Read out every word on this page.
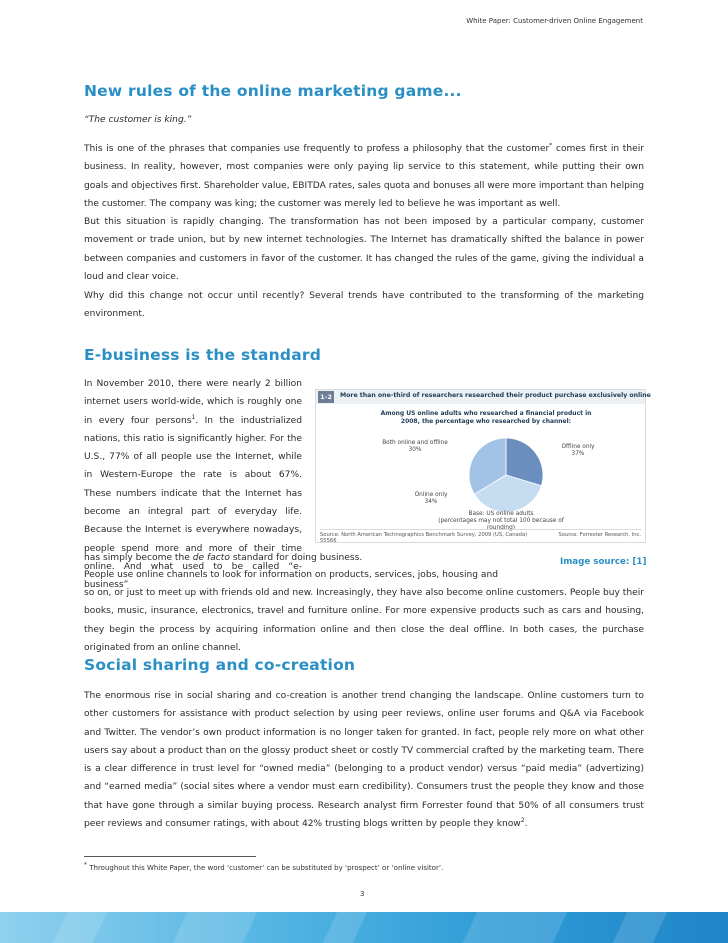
White Paper: Customer-driven Online Engagement
New rules of the online marketing game...

“The customer is king.”

This is one of the phrases that companies use frequently to profess a philosophy that the customer* comes first in their business. In reality, however, most companies were only paying lip service to this statement, while putting their own goals and objectives first. Shareholder value, EBITDA rates, sales quota and bonuses all were more important than helping the customer. The company was king; the customer was merely led to believe he was important as well.

But this situation is rapidly changing. The transformation has not been imposed by a particular company, customer movement or trade union, but by new internet technologies. The Internet has dramatically shifted the balance in power between companies and customers in favor of the customer. It has changed the rules of the game, giving the individual a loud and clear voice.

Why did this change not occur until recently? Several trends have contributed to the transforming of the marketing environment.

E-business is the standard

In November 2010, there were nearly 2 billion internet users world-wide, which is roughly one in every four persons$^1$. In the industrialized nations, this ratio is significantly higher. For the U.S., 77% of all people use the Internet, while in Western-Europe the rate is about 67%. These numbers indicate that the Internet has become an integral part of everyday life. Because the Internet is everywhere nowadays, people spend more and more of their time online. And what used to be called “e-business”

1-2	More than one-third of researchers researched their product purchase exclusively online
Among US online adults who researched a financial product in 2008, the percentage who researched by channel:
Both online and offline
30%	Offline only
37%
Online only
34%
Base: US online adults
(percentages may not total 100 because of rounding)
Source: North American Technographics Benchmark Survey, 2009 (US, Canada)
55566
Source: Forrester Research, Inc.
has simply become the de facto standard for doing business.	Image source: [1]
People use online channels to look for information on products, services, jobs, housing and

so on, or just to meet up with friends old and new. Increasingly, they have also become online customers. People buy their books, music, insurance, electronics, travel and furniture online. For more expensive products such as cars and housing, they begin the process by acquiring information online and then close the deal offline. In both cases, the purchase originated from an online channel.

Social sharing and co-creation

The enormous rise in social sharing and co-creation is another trend changing the landscape. Online customers turn to other customers for assistance with product selection by using peer reviews, online user forums and Q&A via Facebook and Twitter. The vendor’s own product information is no longer taken for granted. In fact, people rely more on what other users say about a product than on the glossy product sheet or costly TV commercial crafted by the marketing team. There is a clear difference in trust level for “owned media” (belonging to a product vendor) versus “paid media” (advertizing) and “earned media” (social sites where a vendor must earn credibility). Consumers trust the people they know and those that have gone through a similar buying process. Research analyst firm Forrester found that 50% of all consumers trust peer reviews and consumer ratings, with about 42% trusting blogs written by people they know$^2$.

* Throughout this White Paper, the word ‘customer’ can be substituted by ‘prospect’ or ‘online visitor’.
3
